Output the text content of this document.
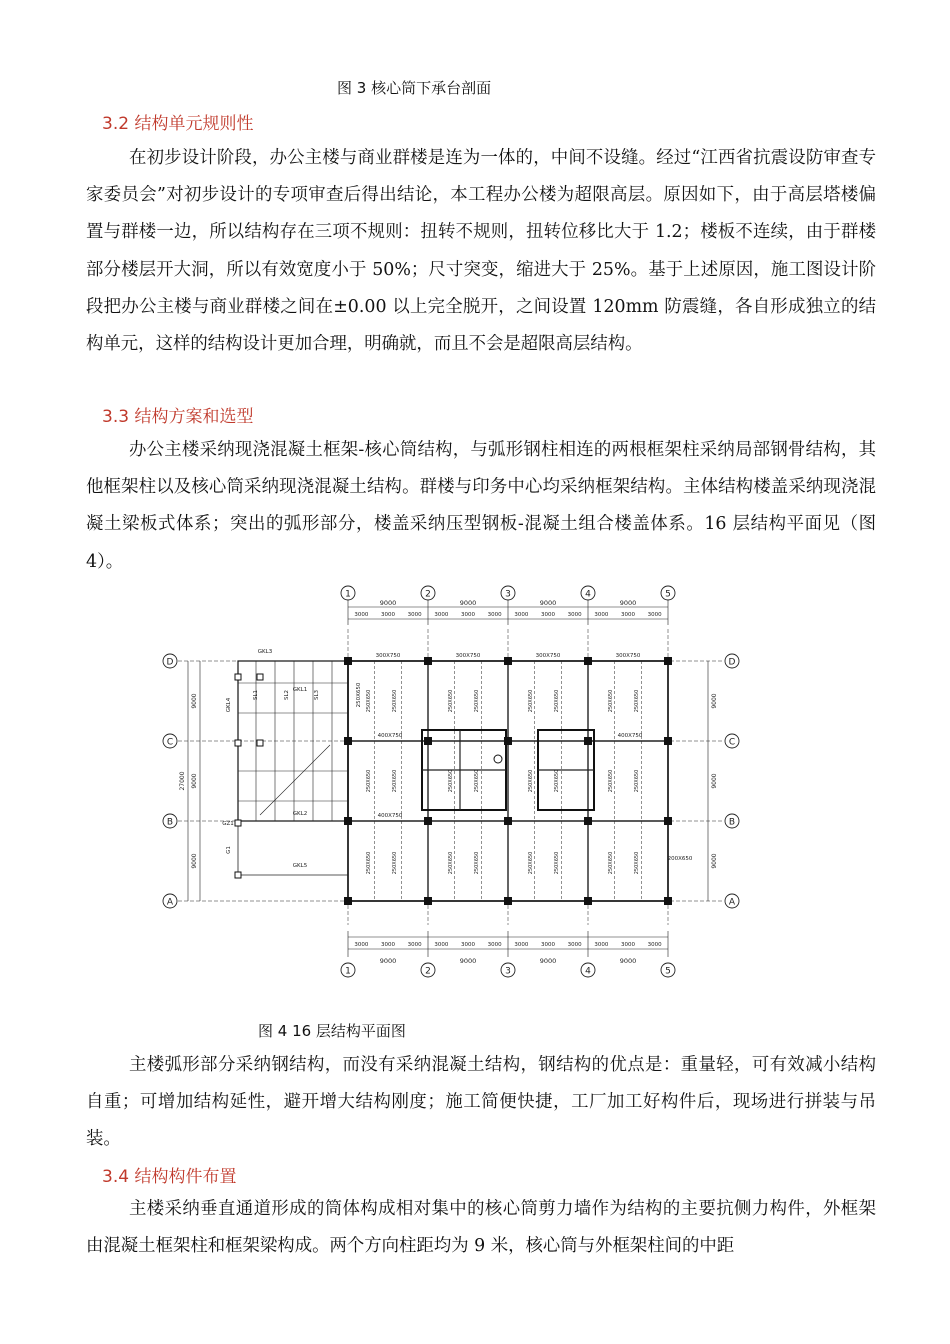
图 3 核心筒下承台剖面
3.2 结构单元规则性

在初步设计阶段，办公主楼与商业群楼是连为一体的，中间不设缝。经过“江西省抗震设防审查专家委员会”对初步设计的专项审查后得出结论，本工程办公楼为超限高层。原因如下，由于高层塔楼偏置与群楼一边，所以结构存在三项不规则：扭转不规则，扭转位移比大于 1.2；楼板不连续，由于群楼部分楼层开大洞，所以有效宽度小于 50%；尺寸突变，缩进大于 25%。基于上述原因，施工图设计阶段把办公主楼与商业群楼之间在±0.00 以上完全脱开，之间设置 120mm 防震缝，各自形成独立的结构单元，这样的结构设计更加合理，明确就，而且不会是超限高层结构。

3.3 结构方案和选型

办公主楼采纳现浇混凝土框架-核心筒结构，与弧形钢柱相连的两根框架柱采纳局部钢骨结构，其他框架柱以及核心筒采纳现浇混凝土结构。群楼与印务中心均采纳框架结构。主体结构楼盖采纳现浇混凝土梁板式体系；突出的弧形部分，楼盖采纳压型钢板-混凝土组合楼盖体系。16 层结构平面见（图 4）。

1
1
2
2
3
3
4
4
5
5
9000
9000
9000
9000
9000
9000
9000
9000
3000
3000
3000
3000
3000
3000
3000
3000
3000
3000
3000
3000
3000
3000
3000
3000
3000
3000
3000
3000
3000
3000
3000
3000
D	D
C	C
B	B
A	A
9000
9000
9000
27000
9000
9000
9000
GKL3
GKL1
GKL2
GKL4
GKL5
GZ1
SL1	SL2	SL3
G1
300X750	300X750	300X750	300X750
400X750	400X750
400X750
250X650
200X650
250X650
250X650
250X650
250X650
250X650
250X650
250X650
250X650
250X650
250X650
250X650
250X650
250X650
250X650
250X650
250X650
250X650
250X650
250X650
250X650
250X650
250X650
250X650
250X650
图 4 16 层结构平面图

主楼弧形部分采纳钢结构，而没有采纳混凝土结构，钢结构的优点是：重量轻，可有效减小结构自重；可增加结构延性，避开增大结构刚度；施工简便快捷，工厂加工好构件后，现场进行拼装与吊装。

3.4 结构构件布置

主楼采纳垂直通道形成的筒体构成相对集中的核心筒剪力墙作为结构的主要抗侧力构件，外框架由混凝土框架柱和框架梁构成。两个方向柱距均为 9 米，核心筒与外框架柱间的中距
